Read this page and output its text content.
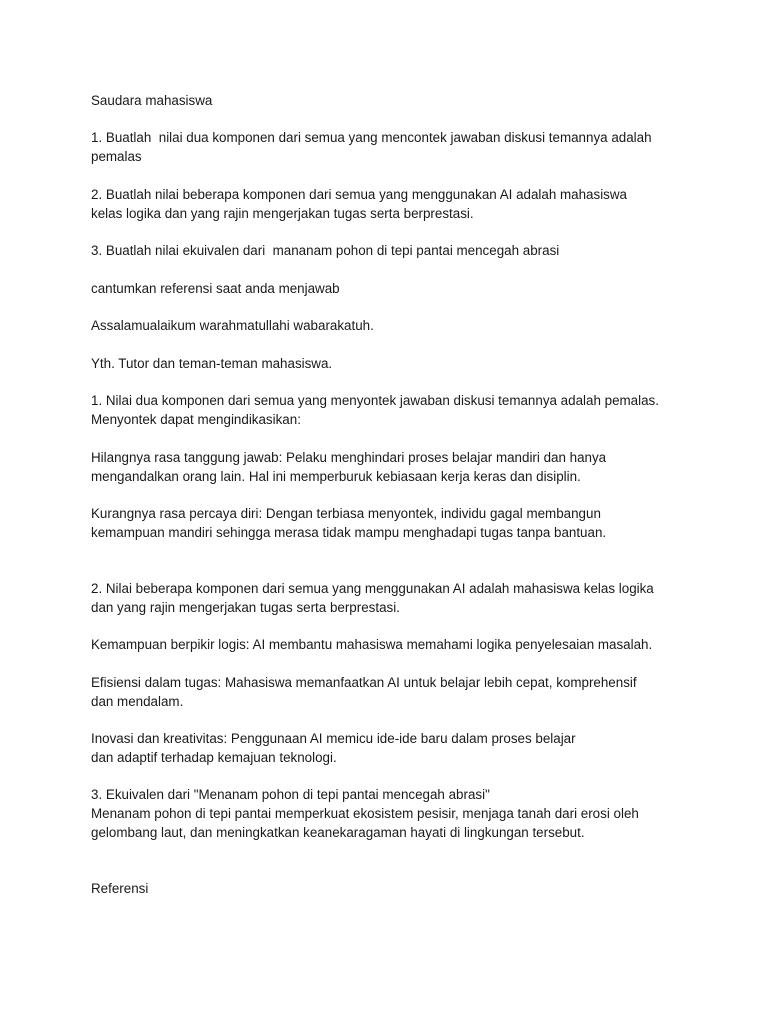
Saudara mahasiswa
1. Buatlah  nilai dua komponen dari semua yang mencontek jawaban diskusi temannya adalah
pemalas
2. Buatlah nilai beberapa komponen dari semua yang menggunakan AI adalah mahasiswa
kelas logika dan yang rajin mengerjakan tugas serta berprestasi.
3. Buatlah nilai ekuivalen dari  mananam pohon di tepi pantai mencegah abrasi
cantumkan referensi saat anda menjawab
Assalamualaikum warahmatullahi wabarakatuh.
Yth. Tutor dan teman-teman mahasiswa.
1. Nilai dua komponen dari semua yang menyontek jawaban diskusi temannya adalah pemalas.
Menyontek dapat mengindikasikan:
Hilangnya rasa tanggung jawab: Pelaku menghindari proses belajar mandiri dan hanya
mengandalkan orang lain. Hal ini memperburuk kebiasaan kerja keras dan disiplin.
Kurangnya rasa percaya diri: Dengan terbiasa menyontek, individu gagal membangun
kemampuan mandiri sehingga merasa tidak mampu menghadapi tugas tanpa bantuan.
2. Nilai beberapa komponen dari semua yang menggunakan AI adalah mahasiswa kelas logika
dan yang rajin mengerjakan tugas serta berprestasi.
Kemampuan berpikir logis: AI membantu mahasiswa memahami logika penyelesaian masalah.
Efisiensi dalam tugas: Mahasiswa memanfaatkan AI untuk belajar lebih cepat, komprehensif
dan mendalam.
Inovasi dan kreativitas: Penggunaan AI memicu ide-ide baru dalam proses belajar
dan adaptif terhadap kemajuan teknologi.
3. Ekuivalen dari "Menanam pohon di tepi pantai mencegah abrasi"
Menanam pohon di tepi pantai memperkuat ekosistem pesisir, menjaga tanah dari erosi oleh
gelombang laut, dan meningkatkan keanekaragaman hayati di lingkungan tersebut.
Referensi
